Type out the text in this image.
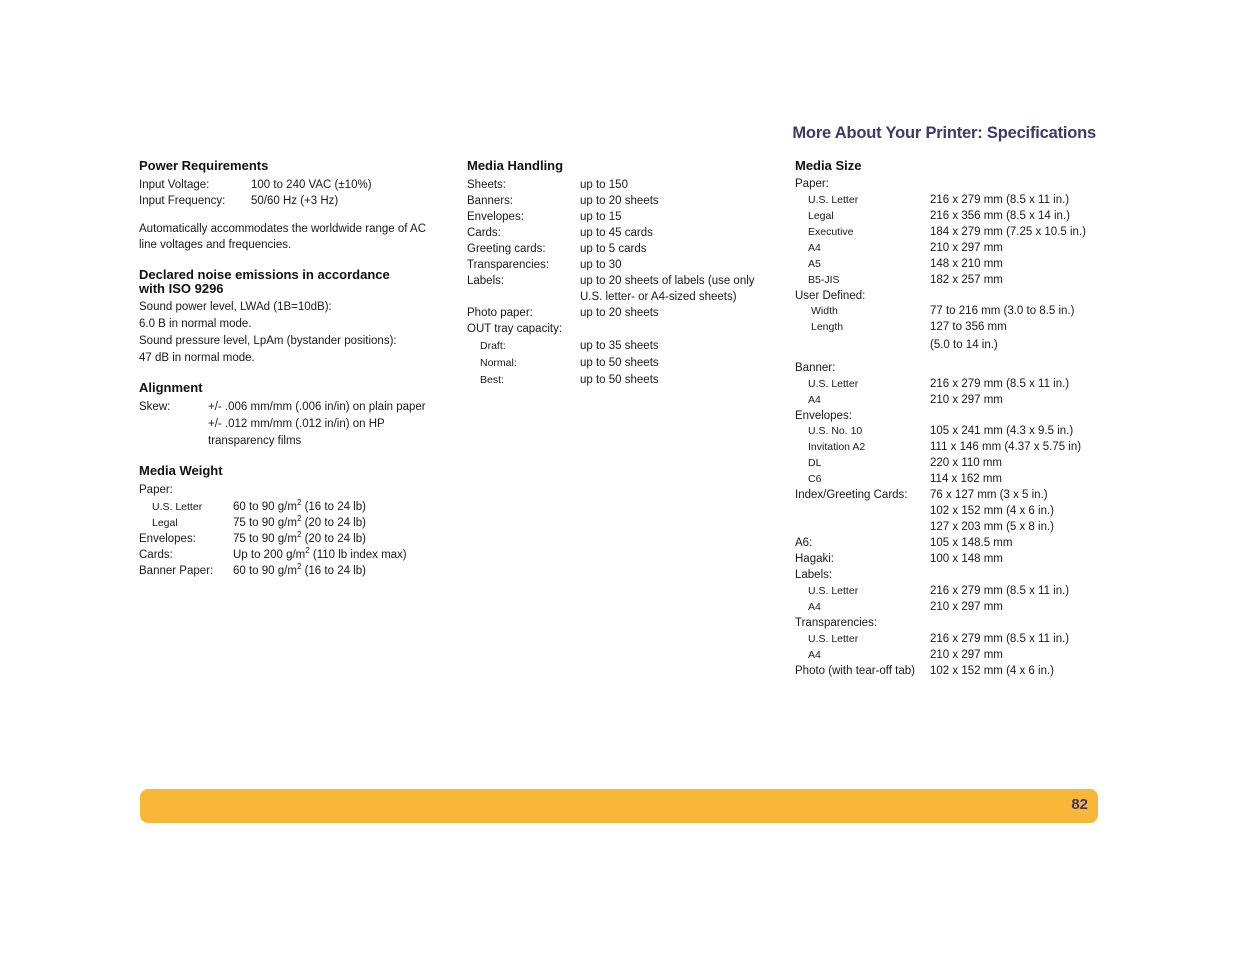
More About Your Printer: Specifications
Power Requirements
Input Voltage:	100 to 240 VAC (±10%)
Input Frequency:	50/60 Hz (+3 Hz)
Automatically accommodates the worldwide range of AC
line voltages and frequencies.
Declared noise emissions in accordance
with ISO 9296
Sound power level, LWAd (1B=10dB):
6.0 B in normal mode.
Sound pressure level, LpAm (bystander positions):
47 dB in normal mode.
Alignment
Skew:	+/- .006 mm/mm (.006 in/in) on plain paper
+/- .012 mm/mm (.012 in/in) on HP
transparency films
Media Weight
Paper:
U.S. Letter	60 to 90 $g/m^2$ (16 to 24 lb)
Legal	75 to 90 $g/m^2$ (20 to 24 lb)
Envelopes:	75 to 90 $g/m^2$ (20 to 24 lb)
Cards:	Up to 200 $g/m^2$ (110 lb index max)
Banner Paper:	60 to 90 $g/m^2$ (16 to 24 lb)
Media Handling
Sheets:	up to 150
Banners:	up to 20 sheets
Envelopes:	up to 15
Cards:	up to 45 cards
Greeting cards:	up to 5 cards
Transparencies:	up to 30
Labels:	up to 20 sheets of labels (use only
U.S. letter- or A4-sized sheets)
Photo paper:	up to 20 sheets
OUT tray capacity:
Draft:	up to 35 sheets
Normal:	up to 50 sheets
Best:	up to 50 sheets
Media Size
Paper:
U.S. Letter	216 x 279 mm (8.5 x 11 in.)
Legal	216 x 356 mm (8.5 x 14 in.)
Executive	184 x 279 mm (7.25 x 10.5 in.)
A4	210 x 297 mm
A5	148 x 210 mm
B5-JIS	182 x 257 mm
User Defined:
Width	77 to 216 mm (3.0 to 8.5 in.)
Length	127 to 356 mm
(5.0 to 14 in.)
Banner:
U.S. Letter	216 x 279 mm (8.5 x 11 in.)
A4	210 x 297 mm
Envelopes:
U.S. No. 10	105 x 241 mm (4.3 x 9.5 in.)
Invitation A2	111 x 146 mm (4.37 x 5.75 in)
DL	220 x 110 mm
C6	114 x 162 mm
Index/Greeting Cards:	76 x 127 mm (3 x 5 in.)
102 x 152 mm (4 x 6 in.)
127 x 203 mm (5 x 8 in.)
A6:	105 x 148.5 mm
Hagaki:	100 x 148 mm
Labels:
U.S. Letter	216 x 279 mm (8.5 x 11 in.)
A4	210 x 297 mm
Transparencies:
U.S. Letter	216 x 279 mm (8.5 x 11 in.)
A4	210 x 297 mm
Photo (with tear-off tab)	102 x 152 mm (4 x 6 in.)
82
